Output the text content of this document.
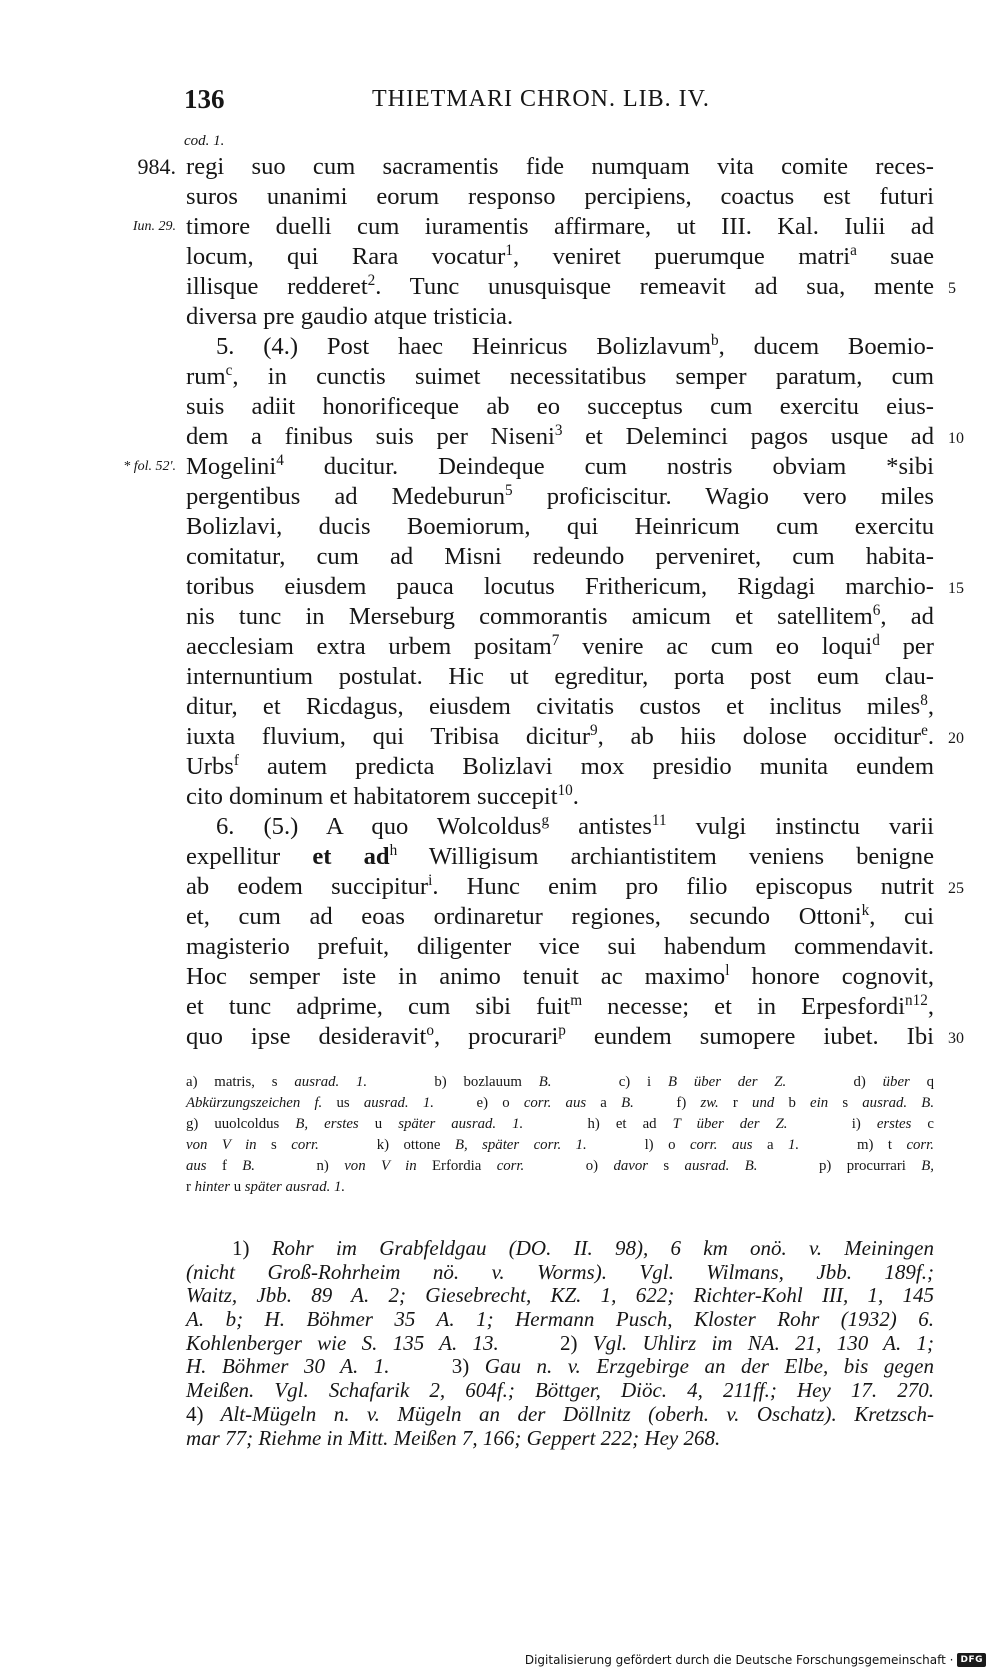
136	THIETMARI CHRON. LIB. IV.
cod. 1.
regi suo cum sacramentis fide numquam vita comite reces-
984.
suros unanimi eorum responso percipiens, coactus est futuri
timore duelli cum iuramentis affirmare, ut III. Kal. Iulii ad
Iun. 29.
locum, qui Rara vocatur$^1$, veniret puerumque matri$^a$ suae
illisque redderet$^2$. Tunc unusquisque remeavit ad sua, mente 5
diversa pre gaudio atque tristicia.
5. (4.) Post haec Heinricus Bolizlavum$^b$, ducem Boemio-
rum$^c$, in cunctis suimet necessitatibus semper paratum, cum
suis adiit honorificeque ab eo succeptus cum exercitu eius-
dem a finibus suis per Niseni$^3$ et Deleminci pagos usque ad 10
Mogelini$^4$ ducitur. Deindeque cum nostris obviam *sibi
* fol. 52'.
pergentibus ad Medeburun$^5$ proficiscitur. Wagio vero miles
Bolizlavi, ducis Boemiorum, qui Heinricum cum exercitu
comitatur, cum ad Misni redeundo perveniret, cum habita-
toribus eiusdem pauca locutus Frithericum, Rigdagi marchio- 15
nis tunc in Merseburg commorantis amicum et satellitem$^6$, ad
aecclesiam extra urbem positam$^7$ venire ac cum eo loqui$^d$ per
internuntium postulat. Hic ut egreditur, porta post eum clau-
ditur, et Ricdagus, eiusdem civitatis custos et inclitus miles$^8$,
iuxta fluvium, qui Tribisa dicitur$^9$, ab hiis dolose occiditur$^e$. 20
Urbs$^f$ autem predicta Bolizlavi mox presidio munita eundem
cito dominum et habitatorem succepit$^{10}$.
6. (5.) A quo Wolcoldus$^g$ antistes$^{11}$ vulgi instinctu varii
expellitur et $ad^h$ Willigisum archiantistitem veniens benigne
ab eodem succipitur$^i$. Hunc enim pro filio episcopus nutrit 25
et, cum ad eoas ordinaretur regiones, secundo Ottoni$^k$, cui
magisterio prefuit, diligenter vice sui habendum commendavit.
Hoc semper iste in animo tenuit ac maximo$^l$ honore cognovit,
et tunc adprime, cum sibi fuit$^m$ necesse; et in Erpesfordi$^{n12}$,
quo ipse desideravit$^o$, procurari$^p$ eundem sumopere iubet. Ibi 30
a) matris, s ausrad. 1.    b) bozlauum B.    c) i B über der Z.    d) über q
Abkürzungszeichen f. us ausrad. 1.   e) o corr. aus a B.   f) zw. r und b ein s ausrad. B.
g) uuolcoldus B, erstes u später ausrad. 1.    h) et ad T über der Z.    i) erstes c
von V in s corr.    k) ottone B, später corr. 1.    l) o corr. aus a 1.    m) t corr.
aus f B.    n) von V in Erfordia corr.    o) davor s ausrad. B.    p) procurrari B,
r hinter u später ausrad. 1.
1) Rohr im Grabfeldgau (DO. II. 98), 6 km onö. v. Meiningen
(nicht Groß-Rohrheim nö. v. Worms). Vgl. Wilmans, Jbb. 189f.;
Waitz, Jbb. 89 A. 2; Giesebrecht, KZ. 1, 622; Richter-Kohl III, 1, 145
A. b; H. Böhmer 35 A. 1; Hermann Pusch, Kloster Rohr (1932) 6.
Kohlenberger wie S. 135 A. 13.    2) Vgl. Uhlirz im NA. 21, 130 A. 1;
H. Böhmer 30 A. 1.    3) Gau n. v. Erzgebirge an der Elbe, bis gegen
Meißen. Vgl. Schafarik 2, 604f.; Böttger, Diöc. 4, 211ff.; Hey 17. 270.
4) Alt-Mügeln n. v. Mügeln an der Döllnitz (oberh. v. Oschatz). Kretzsch-
mar 77; Riehme in Mitt. Meißen 7, 166; Geppert 222; Hey 268.
Digitalisierung gefördert durch die Deutsche Forschungsgemeinschaft · DFG
